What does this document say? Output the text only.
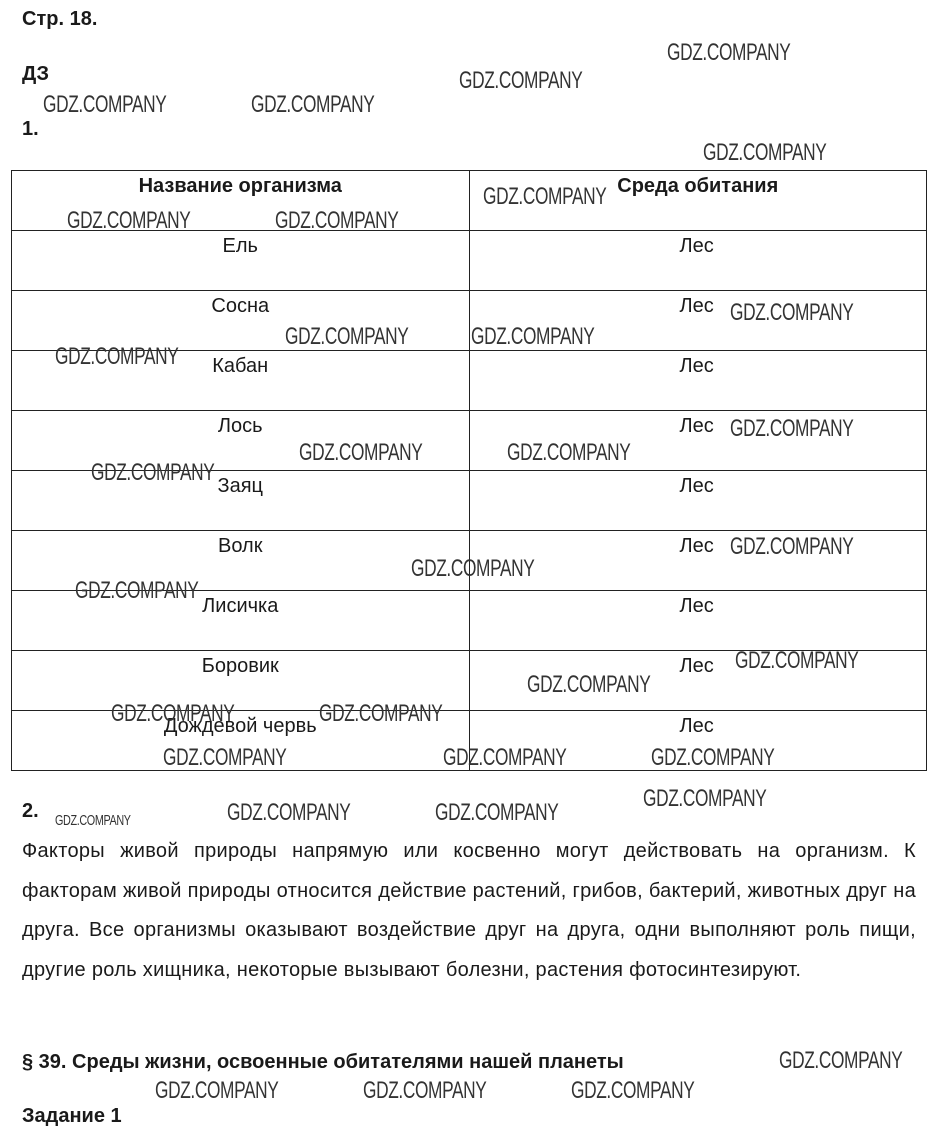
Стр. 18.
ДЗ
1.
Название организма	Среда обитания
Ель	Лес
Сосна	Лес
Кабан	Лес
Лось	Лес
Заяц	Лес
Волк	Лес
Лисичка	Лес
Боровик	Лес
Дождевой червь	Лес
2.
Факторы живой природы напрямую или косвенно могут действовать на организм. К факторам живой природы относится действие растений, грибов, бактерий, животных друг на друга. Все организмы оказывают воздействие друг на друга, одни выполняют роль пищи, другие роль хищника, некоторые вызывают болезни, растения фотосинтезируют.
§ 39. Среды жизни, освоенные обитателями нашей планеты
Задание 1
GDZ.COMPANY
GDZ.COMPANY
GDZ.COMPANY	GDZ.COMPANY
GDZ.COMPANY
GDZ.COMPANY
GDZ.COMPANY	GDZ.COMPANY
GDZ.COMPANY
GDZ.COMPANY	GDZ.COMPANY
GDZ.COMPANY
GDZ.COMPANY
GDZ.COMPANY	GDZ.COMPANY
GDZ.COMPANY
GDZ.COMPANY
GDZ.COMPANY
GDZ.COMPANY
GDZ.COMPANY
GDZ.COMPANY
GDZ.COMPANY	GDZ.COMPANY
GDZ.COMPANY
GDZ.COMPANY	GDZ.COMPANY
GDZ.COMPANY	GDZ.COMPANY	GDZ.COMPANY
GDZ.COMPANY
GDZ.COMPANY	GDZ.COMPANY	GDZ.COMPANY
GDZ.COMPANY
